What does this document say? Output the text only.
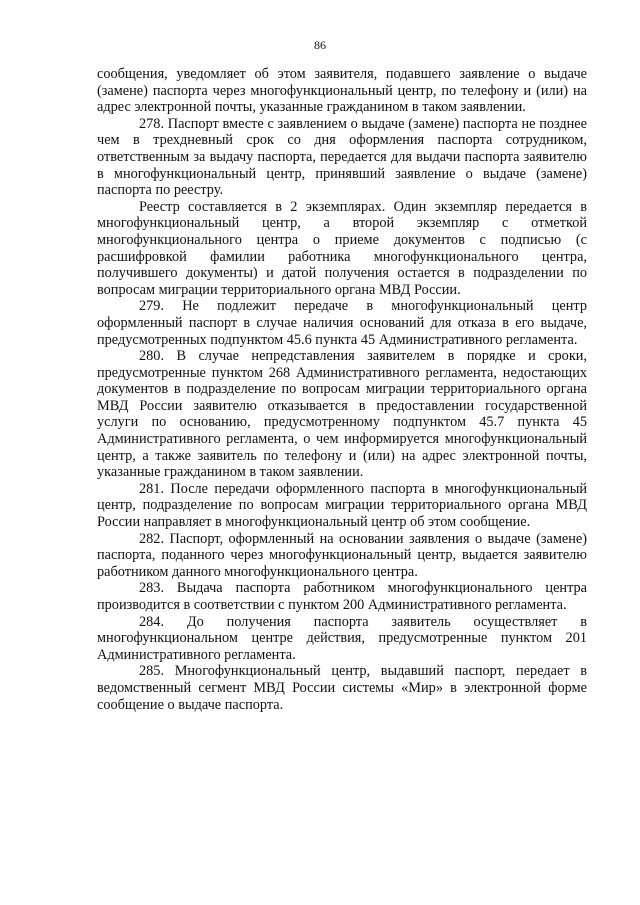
86

сообщения, уведомляет об этом заявителя, подавшего заявление о выдаче (замене) паспорта через многофункциональный центр, по телефону и (или) на адрес электронной почты, указанные гражданином в таком заявлении.

278. Паспорт вместе с заявлением о выдаче (замене) паспорта не позднее чем в трехдневный срок со дня оформления паспорта сотрудником, ответственным за выдачу паспорта, передается для выдачи паспорта заявителю в многофункциональный центр, принявший заявление о выдаче (замене) паспорта по реестру.

Реестр составляется в 2 экземплярах. Один экземпляр передается в многофункциональный центр, а второй экземпляр с отметкой многофункционального центра о приеме документов с подписью (с расшифровкой фамилии работника многофункционального центра, получившего документы) и датой получения остается в подразделении по вопросам миграции территориального органа МВД России.

279. Не подлежит передаче в многофункциональный центр оформленный паспорт в случае наличия оснований для отказа в его выдаче, предусмотренных подпунктом 45.6 пункта 45 Административного регламента.

280. В случае непредставления заявителем в порядке и сроки, предусмотренные пунктом 268 Административного регламента, недостающих документов в подразделение по вопросам миграции территориального органа МВД России заявителю отказывается в предоставлении государственной услуги по основанию, предусмотренному подпунктом 45.7 пункта 45 Административного регламента, о чем информируется многофункциональный центр, а также заявитель по телефону и (или) на адрес электронной почты, указанные гражданином в таком заявлении.

281. После передачи оформленного паспорта в многофункциональный центр, подразделение по вопросам миграции территориального органа МВД России направляет в многофункциональный центр об этом сообщение.

282. Паспорт, оформленный на основании заявления о выдаче (замене) паспорта, поданного через многофункциональный центр, выдается заявителю работником данного многофункционального центра.

283. Выдача паспорта работником многофункционального центра производится в соответствии с пунктом 200 Административного регламента.

284. До получения паспорта заявитель осуществляет в многофункциональном центре действия, предусмотренные пунктом 201 Административного регламента.

285. Многофункциональный центр, выдавший паспорт, передает в ведомственный сегмент МВД России системы «Мир» в электронной форме сообщение о выдаче паспорта.
